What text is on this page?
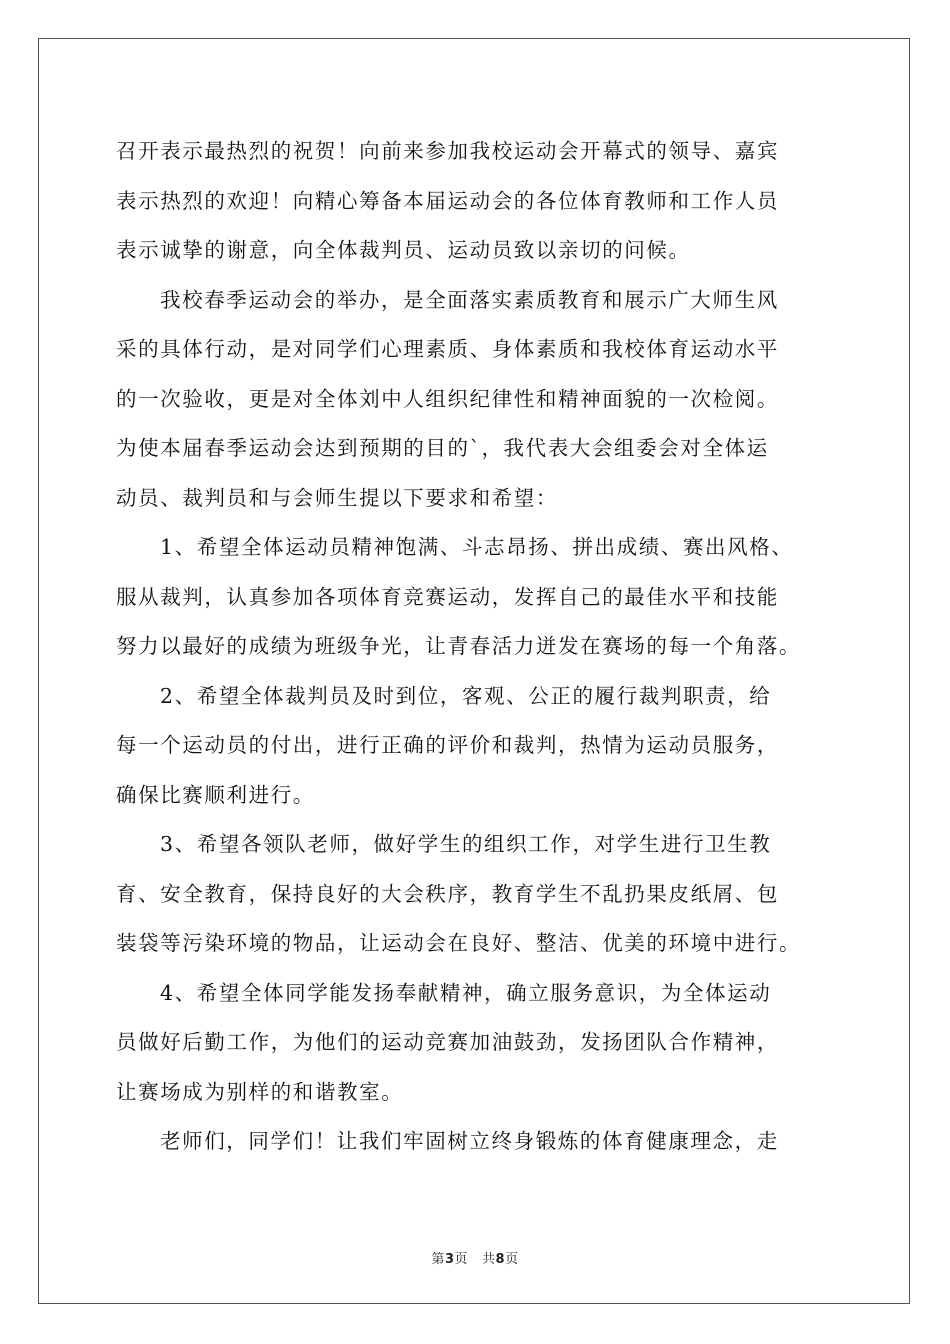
召开表示最热烈的祝贺！向前来参加我校运动会开幕式的领导、嘉宾
表示热烈的欢迎！向精心筹备本届运动会的各位体育教师和工作人员
表示诚挚的谢意，向全体裁判员、运动员致以亲切的问候。

我校春季运动会的举办，是全面落实素质教育和展示广大师生风
采的具体行动，是对同学们心理素质、身体素质和我校体育运动水平
的一次验收，更是对全体刘中人组织纪律性和精神面貌的一次检阅。
为使本届春季运动会达到预期的目的`，我代表大会组委会对全体运
动员、裁判员和与会师生提以下要求和希望：

1、希望全体运动员精神饱满、斗志昂扬、拼出成绩、赛出风格、
服从裁判，认真参加各项体育竞赛运动，发挥自己的最佳水平和技能
努力以最好的成绩为班级争光，让青春活力迸发在赛场的每一个角落。

2、希望全体裁判员及时到位，客观、公正的履行裁判职责，给
每一个运动员的付出，进行正确的评价和裁判，热情为运动员服务，
确保比赛顺利进行。

3、希望各领队老师，做好学生的组织工作，对学生进行卫生教
育、安全教育，保持良好的大会秩序，教育学生不乱扔果皮纸屑、包
装袋等污染环境的物品，让运动会在良好、整洁、优美的环境中进行。

4、希望全体同学能发扬奉献精神，确立服务意识，为全体运动
员做好后勤工作，为他们的运动竞赛加油鼓劲，发扬团队合作精神，
让赛场成为别样的和谐教室。

老师们，同学们！让我们牢固树立终身锻炼的体育健康理念，走

第3页 共8页
